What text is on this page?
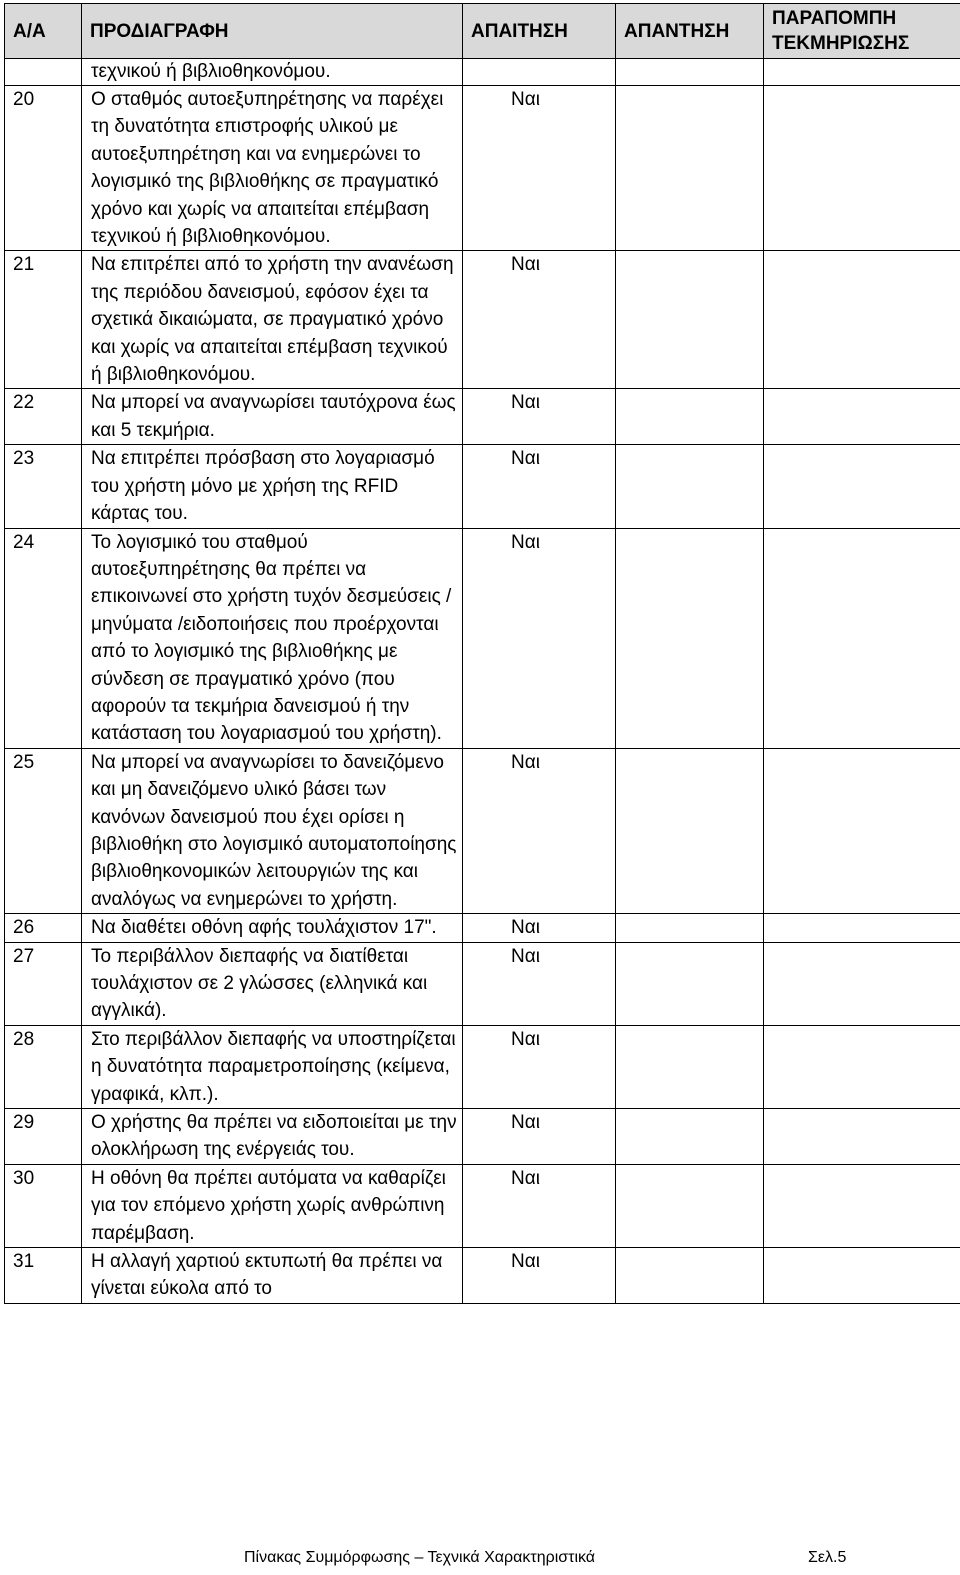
Α/Α	ΠΡΟΔΙΑΓΡΑΦΗ	ΑΠΑΙΤΗΣΗ	ΑΠΑΝΤΗΣΗ	ΠΑΡΑΠΟΜΠΗ ΤΕΚΜΗΡΙΩΣΗΣ
	τεχνικού ή βιβλιοθηκονόμου.			
20	Ο σταθμός αυτοεξυπηρέτησης να παρέχει τη δυνατότητα επιστροφής υλικού με αυτοεξυπηρέτηση και να ενημερώνει το λογισμικό της βιβλιοθήκης σε πραγματικό χρόνο και χωρίς να απαιτείται επέμβαση τεχνικού ή βιβλιοθηκονόμου.	Ναι		
21	Να επιτρέπει από το χρήστη την ανανέωση της περιόδου δανεισμού, εφόσον έχει τα σχετικά δικαιώματα, σε πραγματικό χρόνο και χωρίς να απαιτείται επέμβαση τεχνικού ή βιβλιοθηκονόμου.	Ναι		
22	Να μπορεί να αναγνωρίσει ταυτόχρονα έως και 5 τεκμήρια.	Ναι		
23	Να επιτρέπει πρόσβαση στο λογαριασμό του χρήστη μόνο με χρήση της RFID κάρτας του.	Ναι		
24	Το λογισμικό του σταθμού αυτοεξυπηρέτησης θα πρέπει να επικοινωνεί στο χρήστη τυχόν δεσμεύσεις / μηνύματα /ειδοποιήσεις που προέρχονται από το λογισμικό της βιβλιοθήκης με σύνδεση σε πραγματικό χρόνο (που αφορούν τα τεκμήρια δανεισμού ή την κατάσταση του λογαριασμού του χρήστη).	Ναι		
25	Να μπορεί να αναγνωρίσει το δανειζόμενο και μη δανειζόμενο υλικό βάσει των κανόνων δανεισμού που έχει ορίσει η βιβλιοθήκη στο λογισμικό αυτοματοποίησης βιβλιοθηκονομικών λειτουργιών της και αναλόγως να ενημερώνει το χρήστη.	Ναι		
26	Να διαθέτει οθόνη αφής τουλάχιστον 17".	Ναι		
27	Το περιβάλλον διεπαφής να διατίθεται τουλάχιστον σε 2 γλώσσες (ελληνικά και αγγλικά).	Ναι		
28	Στο περιβάλλον διεπαφής να υποστηρίζεται η δυνατότητα παραμετροποίησης (κείμενα, γραφικά, κλπ.).	Ναι		
29	Ο χρήστης θα πρέπει να ειδοποιείται με την ολοκλήρωση της ενέργειάς του.	Ναι		
30	Η οθόνη θα πρέπει αυτόματα να καθαρίζει για τον επόμενο χρήστη χωρίς ανθρώπινη παρέμβαση.	Ναι		
31	Η αλλαγή χαρτιού εκτυπωτή θα πρέπει να γίνεται εύκολα από το	Ναι		
Πίνακας Συμμόρφωσης – Τεχνικά Χαρακτηριστικά	Σελ.5
